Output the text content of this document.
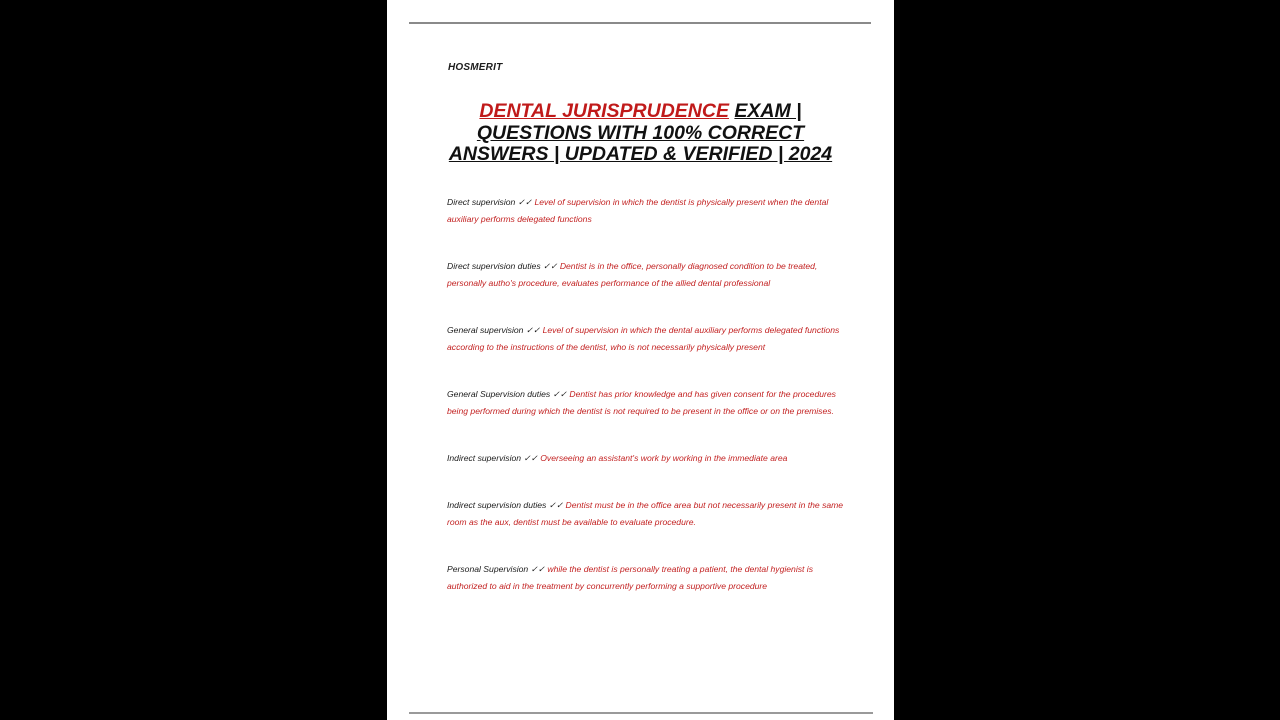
HOSMERIT
DENTAL JURISPRUDENCE EXAM |
QUESTIONS WITH 100% CORRECT
ANSWERS | UPDATED & VERIFIED | 2024

Direct supervision ✓✓ Level of supervision in which the dentist is physically present when the dental auxiliary performs delegated functions

Direct supervision duties ✓✓ Dentist is in the office, personally diagnosed condition to be treated, personally autho's procedure, evaluates performance of the allied dental professional

General supervision ✓✓ Level of supervision in which the dental auxiliary performs delegated functions according to the instructions of the dentist, who is not necessarily physically present

General Supervision duties ✓✓ Dentist has prior knowledge and has given consent for the procedures being performed during which the dentist is not required to be present in the office or on the premises.

Indirect supervision ✓✓ Overseeing an assistant's work by working in the immediate area

Indirect supervision duties ✓✓ Dentist must be in the office area but not necessarily present in the same room as the aux, dentist must be available to evaluate procedure.

Personal Supervision ✓✓ while the dentist is personally treating a patient, the dental hygienist is authorized to aid in the treatment by concurrently performing a supportive procedure
